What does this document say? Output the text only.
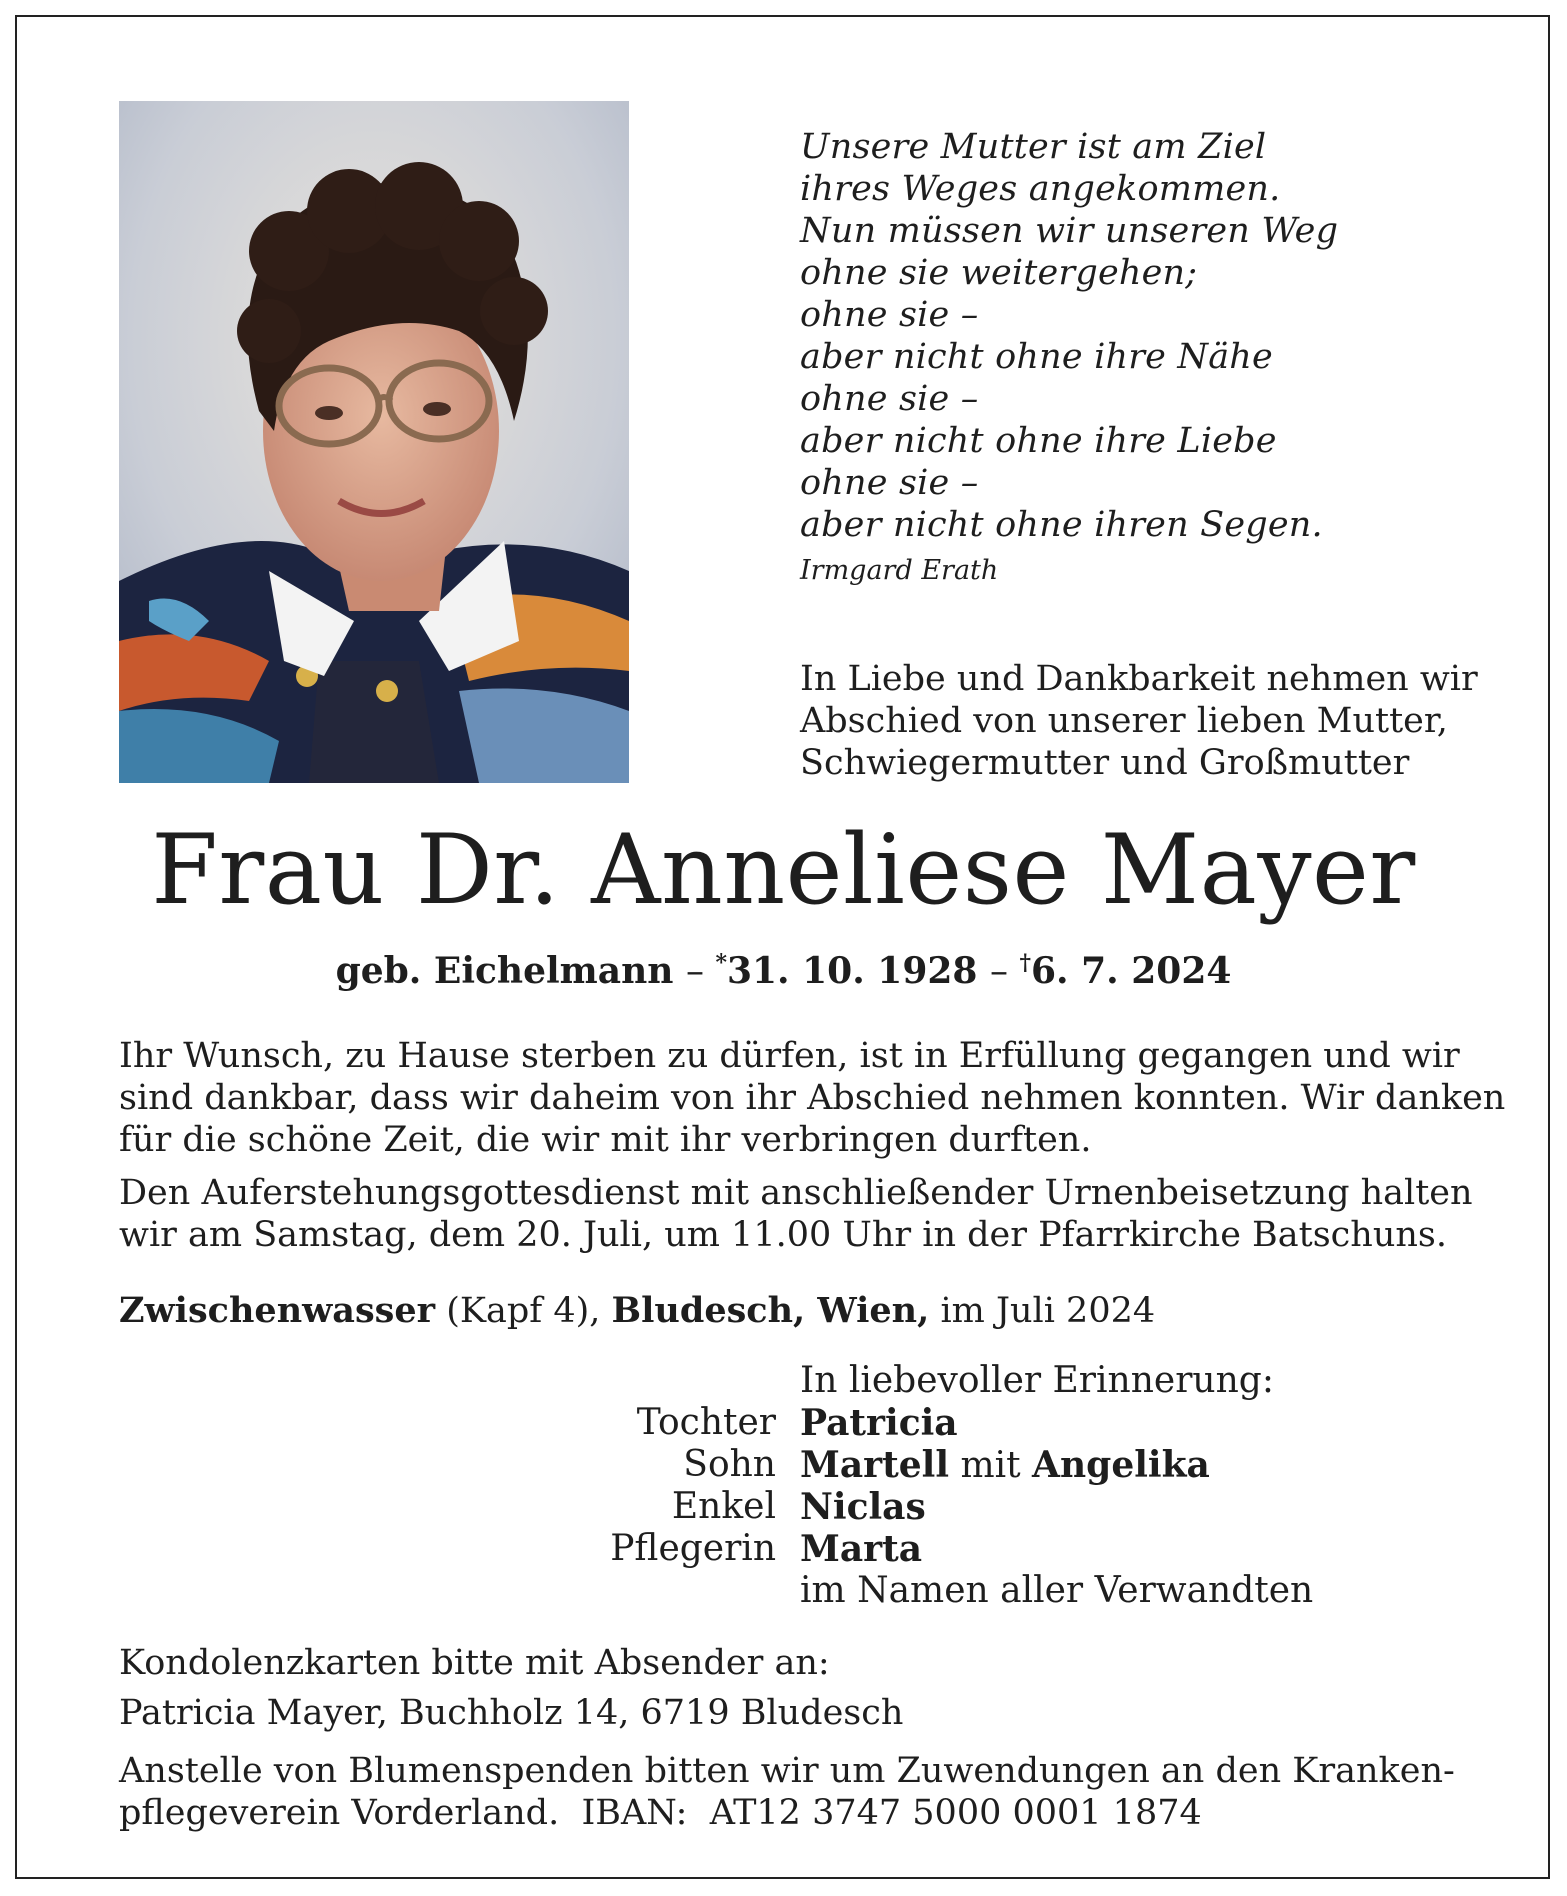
Unsere Mutter ist am Ziel
ihres Weges angekommen.
Nun müssen wir unseren Weg
ohne sie weitergehen;
ohne sie –
aber nicht ohne ihre Nähe
ohne sie –
aber nicht ohne ihre Liebe
ohne sie –
aber nicht ohne ihren Segen.
Irmgard Erath
In Liebe und Dankbarkeit nehmen wir
Abschied von unserer lieben Mutter,
Schwiegermutter und Großmutter
Frau Dr. Anneliese Mayer
geb. Eichelmann – *31. 10. 1928 – †6. 7. 2024
Ihr Wunsch, zu Hause sterben zu dürfen, ist in Erfüllung gegangen und wir
sind dankbar, dass wir daheim von ihr Abschied nehmen konnten. Wir danken
für die schöne Zeit, die wir mit ihr verbringen durften.
Den Auferstehungsgottesdienst mit anschließender Urnenbeisetzung halten
wir am Samstag, dem 20. Juli, um 11.00 Uhr in der Pfarrkirche Batschuns.
Zwischenwasser (Kapf 4), Bludesch, Wien, im Juli 2024
In liebevoller Erinnerung:
Tochter Patricia
Sohn Martell mit Angelika
Enkel Niclas
Pflegerin Marta
im Namen aller Verwandten
Kondolenzkarten bitte mit Absender an:
Patricia Mayer, Buchholz 14, 6719 Bludesch
Anstelle von Blumenspenden bitten wir um Zuwendungen an den Kranken-
pflegeverein Vorderland.  IBAN:  AT12 3747 5000 0001 1874
